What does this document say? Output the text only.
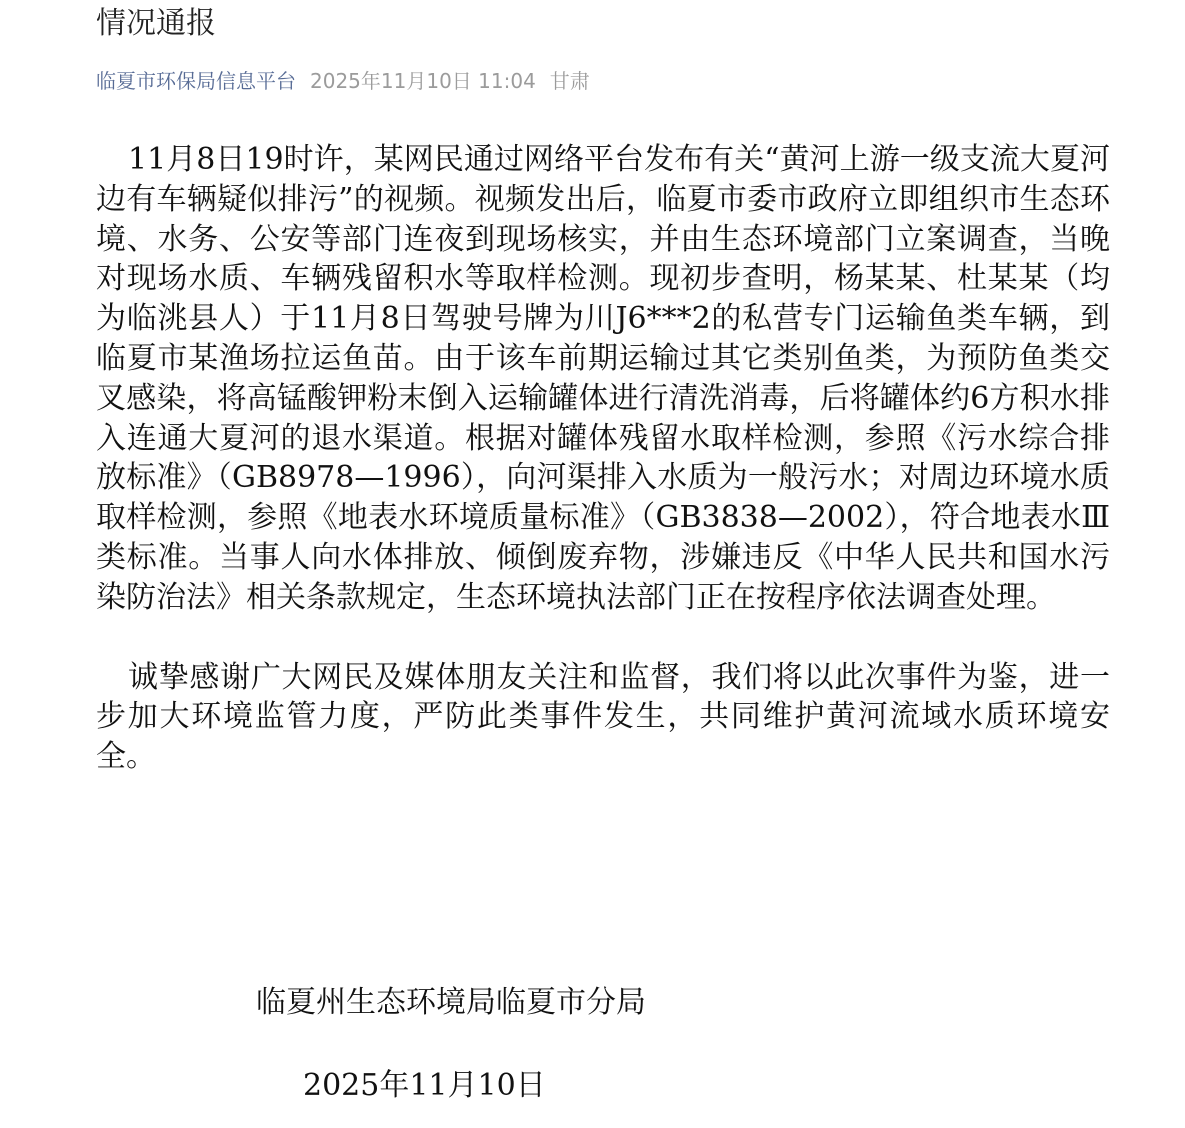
情况通报
临夏市环保局信息平台 2025年11月10日 11:04 甘肃

11月8日19时许，某网民通过网络平台发布有关“黄河上游一级支流大夏河边有车辆疑似排污”的视频。视频发出后，临夏市委市政府立即组织市生态环境、水务、公安等部门连夜到现场核实，并由生态环境部门立案调查，当晚对现场水质、车辆残留积水等取样检测。现初步查明，杨某某、杜某某（均为临洮县人）于11月8日驾驶号牌为川J6***2的私营专门运输鱼类车辆，到临夏市某渔场拉运鱼苗。由于该车前期运输过其它类别鱼类，为预防鱼类交叉感染，将高锰酸钾粉末倒入运输罐体进行清洗消毒，后将罐体约6方积水排入连通大夏河的退水渠道。根据对罐体残留水取样检测，参照《污水综合排放标准》（GB8978—1996），向河渠排入水质为一般污水；对周边环境水质取样检测，参照《地表水环境质量标准》（GB3838—2002），符合地表水Ⅲ类标准。当事人向水体排放、倾倒废弃物，涉嫌违反《中华人民共和国水污染防治法》相关条款规定，生态环境执法部门正在按程序依法调查处理。

诚挚感谢广大网民及媒体朋友关注和监督，我们将以此次事件为鉴，进一步加大环境监管力度，严防此类事件发生，共同维护黄河流域水质环境安全。

临夏州生态环境局临夏市分局
2025年11月10日
